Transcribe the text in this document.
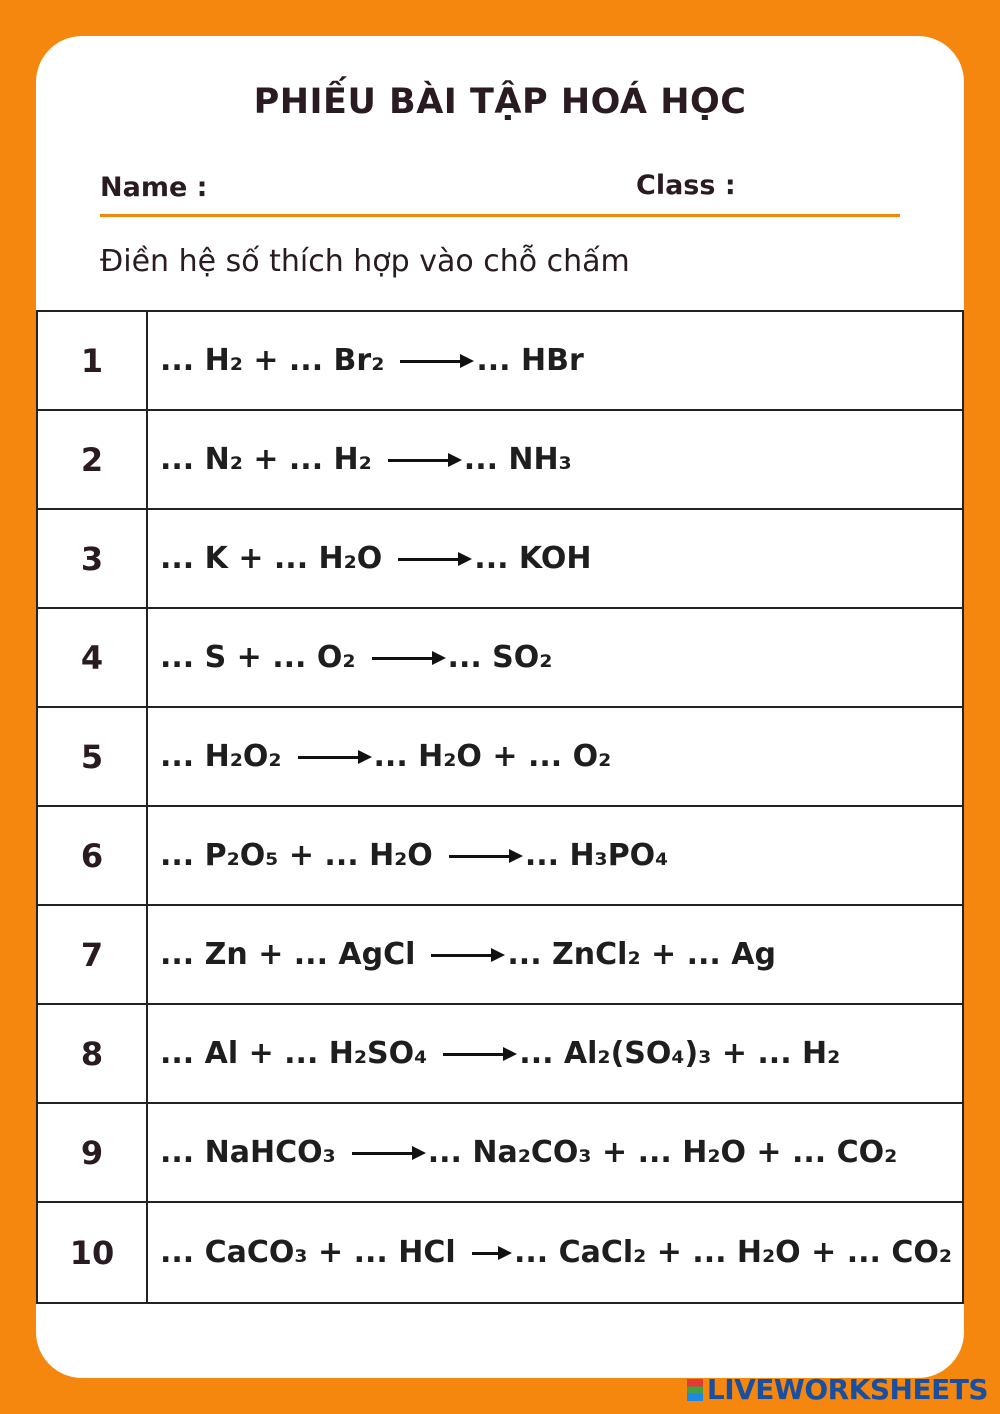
PHIẾU BÀI TẬP HOÁ HỌC
Name :	Class :
Điền hệ số thích hợp vào chỗ chấm
1	... H₂ + ... Br₂	... HBr
2	... N₂ + ... H₂	... NH₃
3	... K + ... H₂O	... KOH
4	... S + ... O₂	... SO₂
5	... H₂O₂	... H₂O + ... O₂
6	... P₂O₅ + ... H₂O	... H₃PO₄
7	... Zn + ... AgCl	... ZnCl₂ + ... Ag
8	... Al + ... H₂SO₄	... Al₂(SO₄)₃ + ... H₂
9	... NaHCO₃	... Na₂CO₃ + ... H₂O + ... CO₂
10	... CaCO₃ + ... HCl ... CaCl₂ + ... H₂O + ... CO₂
LIVEWORKSHEETS
